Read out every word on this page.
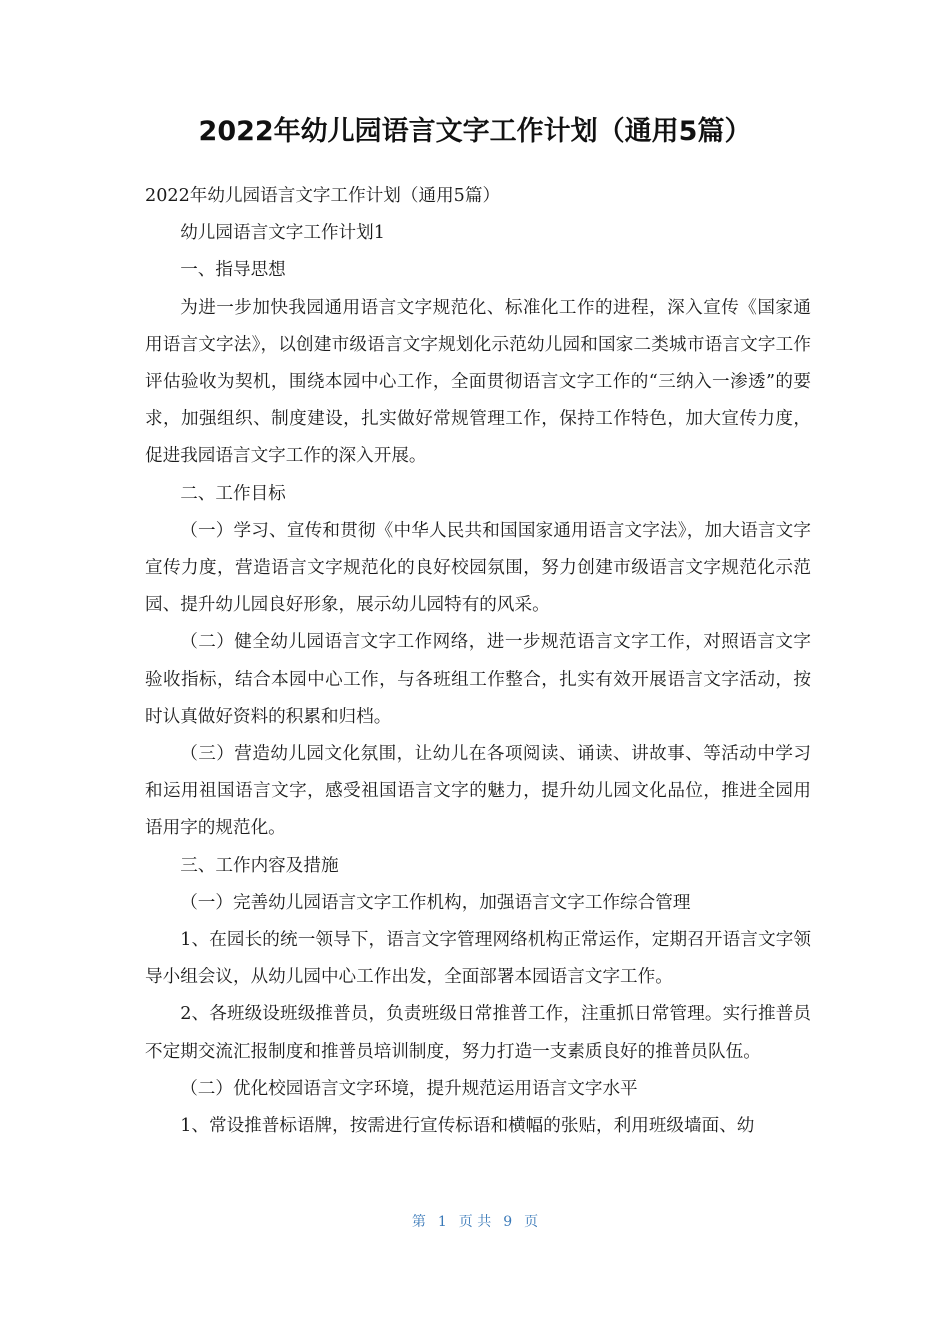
2022年幼儿园语言文字工作计划（通用5篇）

2022年幼儿园语言文字工作计划（通用5篇）

幼儿园语言文字工作计划1

一、指导思想

为进一步加快我园通用语言文字规范化、标准化工作的进程，深入宣传《国家通用语言文字法》，以创建市级语言文字规划化示范幼儿园和国家二类城市语言文字工作评估验收为契机，围绕本园中心工作，全面贯彻语言文字工作的“三纳入一渗透”的要求，加强组织、制度建设，扎实做好常规管理工作，保持工作特色，加大宣传力度，促进我园语言文字工作的深入开展。

二、工作目标

（一）学习、宣传和贯彻《中华人民共和国国家通用语言文字法》，加大语言文字宣传力度，营造语言文字规范化的良好校园氛围，努力创建市级语言文字规范化示范园、提升幼儿园良好形象，展示幼儿园特有的风采。

（二）健全幼儿园语言文字工作网络，进一步规范语言文字工作，对照语言文字验收指标，结合本园中心工作，与各班组工作整合，扎实有效开展语言文字活动，按时认真做好资料的积累和归档。

（三）营造幼儿园文化氛围，让幼儿在各项阅读、诵读、讲故事、等活动中学习和运用祖国语言文字，感受祖国语言文字的魅力，提升幼儿园文化品位，推进全园用语用字的规范化。

三、工作内容及措施

（一）完善幼儿园语言文字工作机构，加强语言文字工作综合管理

1、在园长的统一领导下，语言文字管理网络机构正常运作，定期召开语言文字领导小组会议，从幼儿园中心工作出发，全面部署本园语言文字工作。

2、各班级设班级推普员，负责班级日常推普工作，注重抓日常管理。实行推普员不定期交流汇报制度和推普员培训制度，努力打造一支素质良好的推普员队伍。

（二）优化校园语言文字环境，提升规范运用语言文字水平

1、常设推普标语牌，按需进行宣传标语和横幅的张贴，利用班级墙面、幼

第 1 页 共 9 页
